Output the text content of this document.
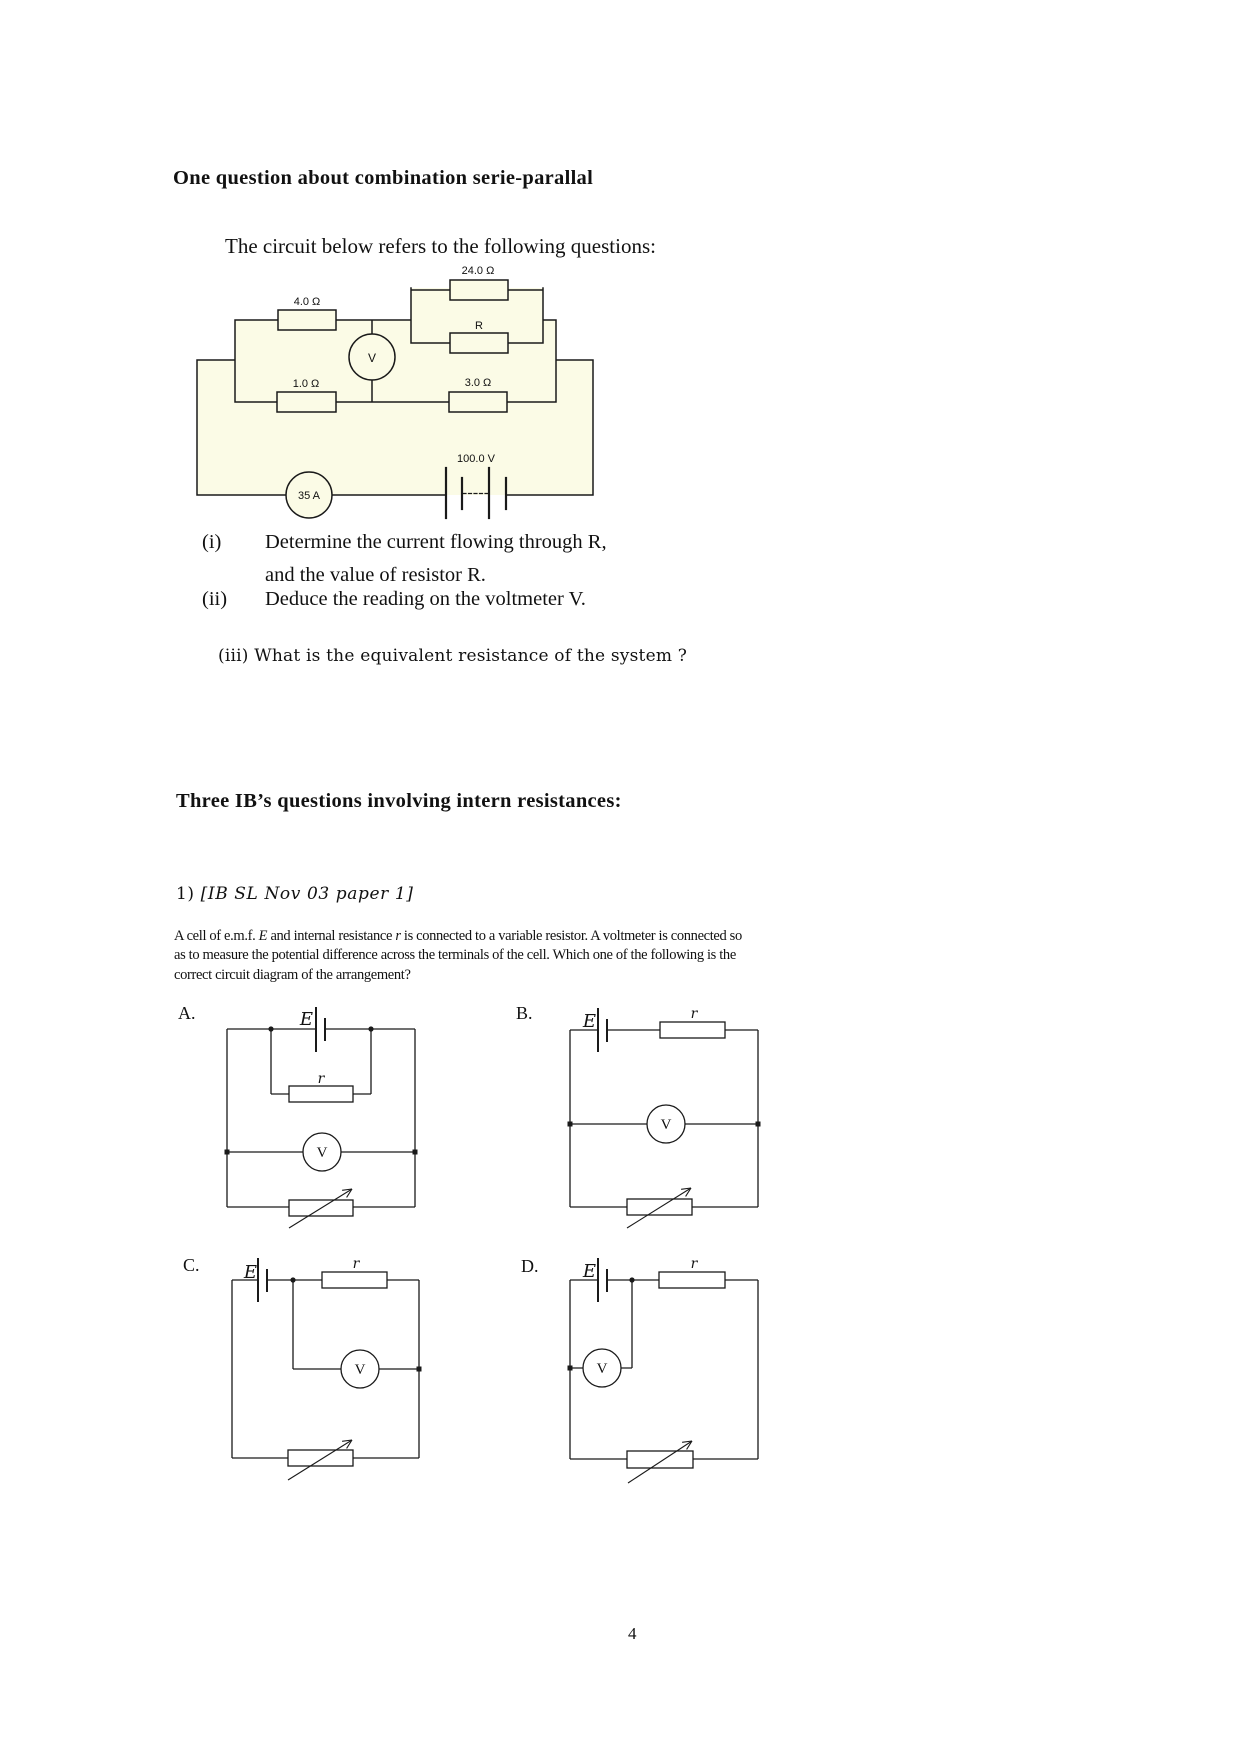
One question about combination serie-parallal
The circuit below refers to the following questions:
(i)	Determine the current flowing through R,
and the value of resistor R.
(ii)	Deduce the reading on the voltmeter V.
(iii) What is the equivalent resistance of the system ?
Three IB’s questions involving intern resistances:
1) [IB SL Nov 03 paper 1]
A cell of e.m.f. E and internal resistance r is connected to a variable resistor. A voltmeter is connected so
as to measure the potential difference across the terminals of the cell. Which one of the following is the
correct circuit diagram of the arrangement?
4
24.0 Ω
4.0 Ω
R
1.0 Ω	3.0 Ω
100.0 V
V
35 A
A.	E
r
V
B.	E	r
V
C. E	r
V
D. E	r
V
